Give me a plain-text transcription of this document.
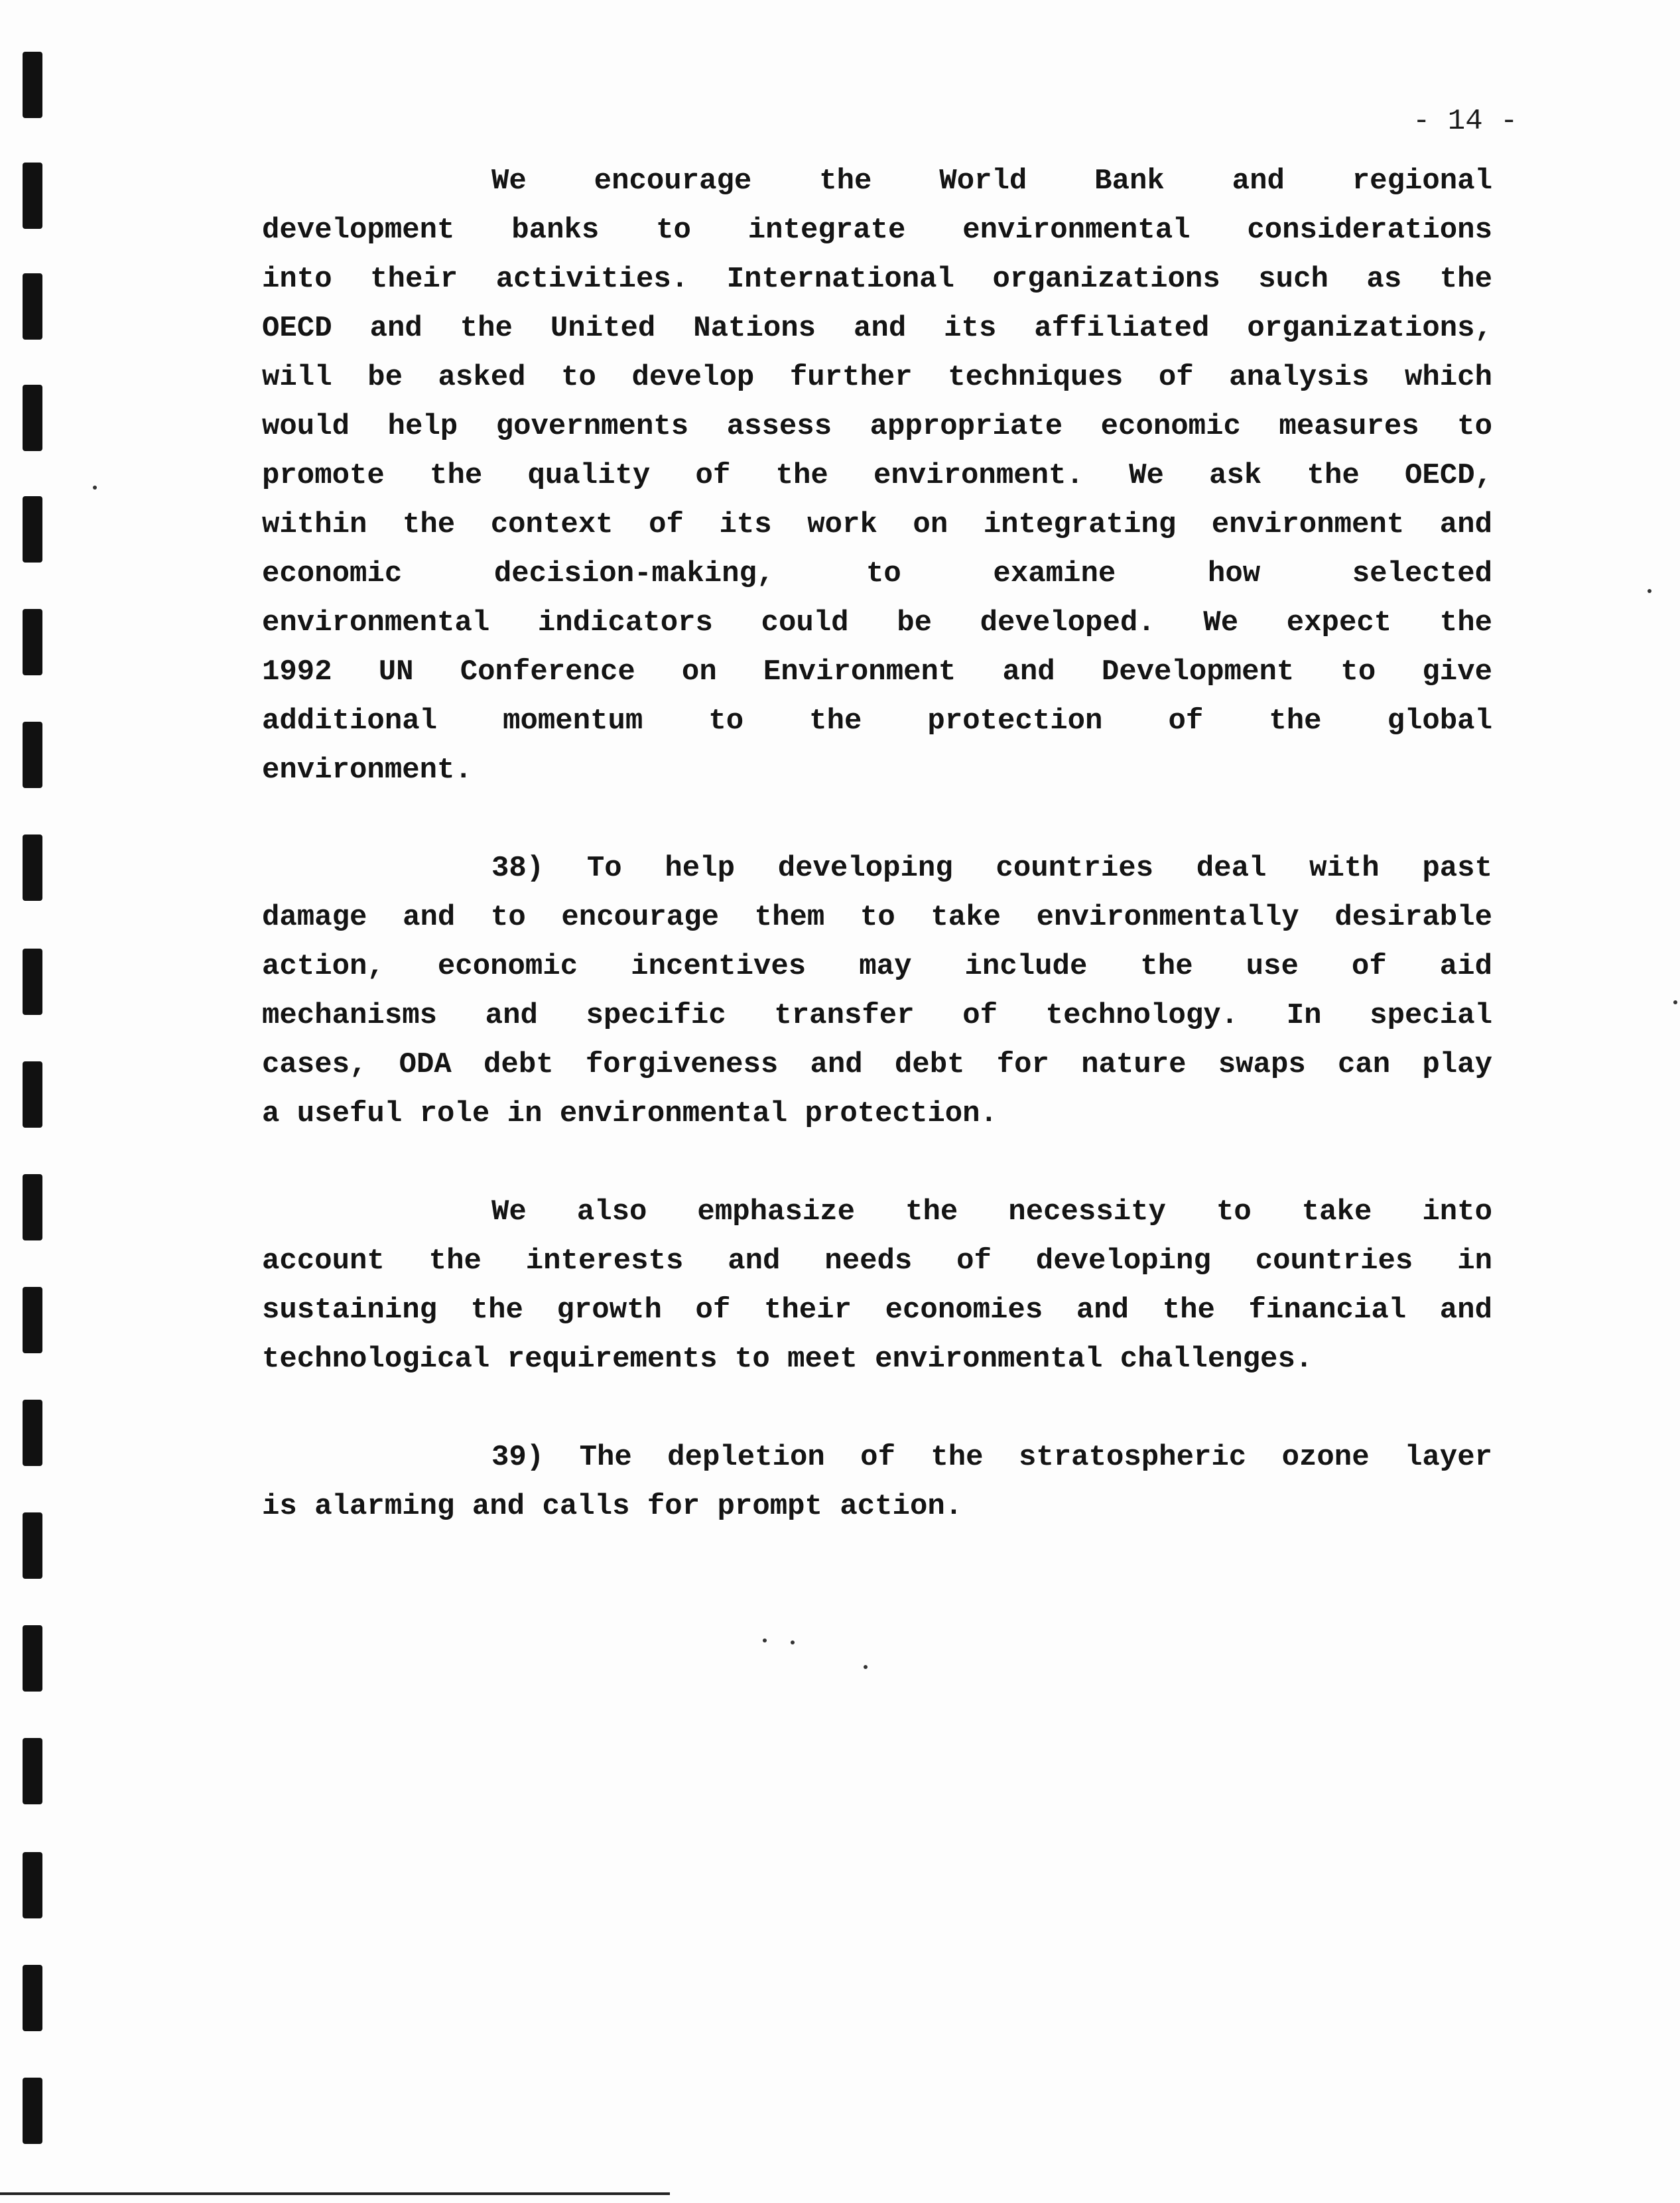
- 14 -
We encourage the World Bank and regional
development banks to integrate environmental considerations
into their activities. International organizations such as the
OECD and the United Nations and its affiliated organizations,
will be asked to develop further techniques of analysis which
would help governments assess appropriate economic measures to
promote the quality of the environment. We ask the OECD,
within the context of its work on integrating environment and
economic decision-making, to examine how selected
environmental indicators could be developed. We expect the
1992 UN Conference on Environment and Development to give
additional momentum to the protection of the global
environment.
38) To help developing countries deal with past
damage and to encourage them to take environmentally desirable
action, economic incentives may include the use of aid
mechanisms and specific transfer of technology. In special
cases, ODA debt forgiveness and debt for nature swaps can play
a useful role in environmental protection.
We also emphasize the necessity to take into
account the interests and needs of developing countries in
sustaining the growth of their economies and the financial and
technological requirements to meet environmental challenges.
39) The depletion of the stratospheric ozone layer
is alarming and calls for prompt action.
